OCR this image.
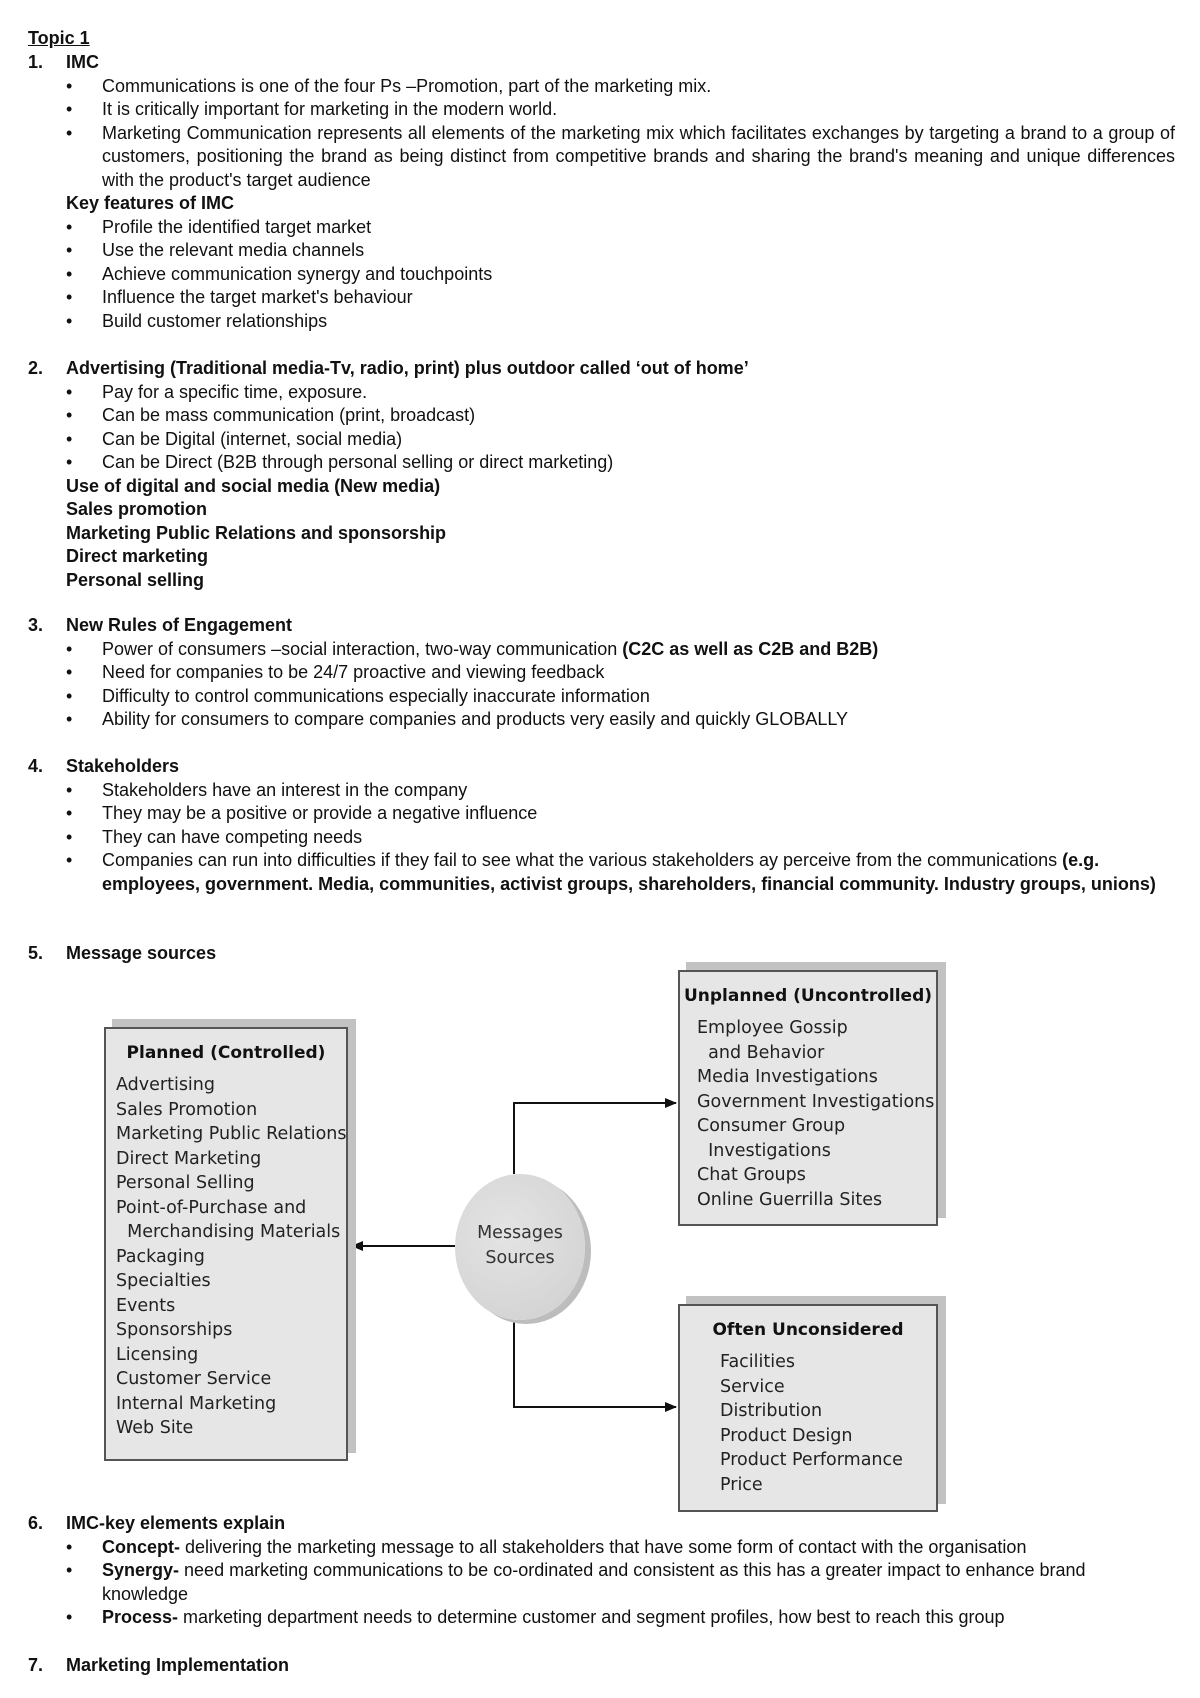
Topic 1
1. IMC
• Communications is one of the four Ps –Promotion, part of the marketing mix.
• It is critically important for marketing in the modern world.
• Marketing Communication represents all elements of the marketing mix which facilitates exchanges by targeting a brand to a group of customers, positioning the brand as being distinct from competitive brands and sharing the brand's meaning and unique differences with the product's target audience
Key features of IMC
• Profile the identified target market
• Use the relevant media channels
• Achieve communication synergy and touchpoints
• Influence the target market's behaviour
• Build customer relationships
2. Advertising (Traditional media-Tv, radio, print) plus outdoor called ‘out of home’
• Pay for a specific time, exposure.
• Can be mass communication (print, broadcast)
• Can be Digital (internet, social media)
• Can be Direct (B2B through personal selling or direct marketing)
Use of digital and social media (New media)
Sales promotion
Marketing Public Relations and sponsorship
Direct marketing
Personal selling
3. New Rules of Engagement
• Power of consumers –social interaction, two-way communication (C2C as well as C2B and B2B)
• Need for companies to be 24/7 proactive and viewing feedback
• Difficulty to control communications especially inaccurate information
• Ability for consumers to compare companies and products very easily and quickly GLOBALLY
4. Stakeholders
• Stakeholders have an interest in the company
• They may be a positive or provide a negative influence
• They can have competing needs
• Companies can run into difficulties if they fail to see what the various stakeholders ay perceive from the communications (e.g. employees, government. Media, communities, activist groups, shareholders, financial community. Industry groups, unions)
5. Message sources
Planned (Controlled)
Advertising
Sales Promotion
Marketing Public Relations
Direct Marketing
Personal Selling
Point-of-Purchase and
Merchandising Materials
Packaging
Specialties
Events
Sponsorships
Licensing
Customer Service
Internal Marketing
Web Site
Messages
Sources
Unplanned (Uncontrolled)
Employee Gossip
and Behavior
Media Investigations
Government Investigations
Consumer Group
Investigations
Chat Groups
Online Guerrilla Sites
Often Unconsidered
Facilities
Service
Distribution
Product Design
Product Performance
Price
6. IMC-key elements explain
• Concept- delivering the marketing message to all stakeholders that have some form of contact with the organisation
• Synergy- need marketing communications to be co-ordinated and consistent as this has a greater impact to enhance brand knowledge
• Process- marketing department needs to determine customer and segment profiles, how best to reach this group
7. Marketing Implementation
